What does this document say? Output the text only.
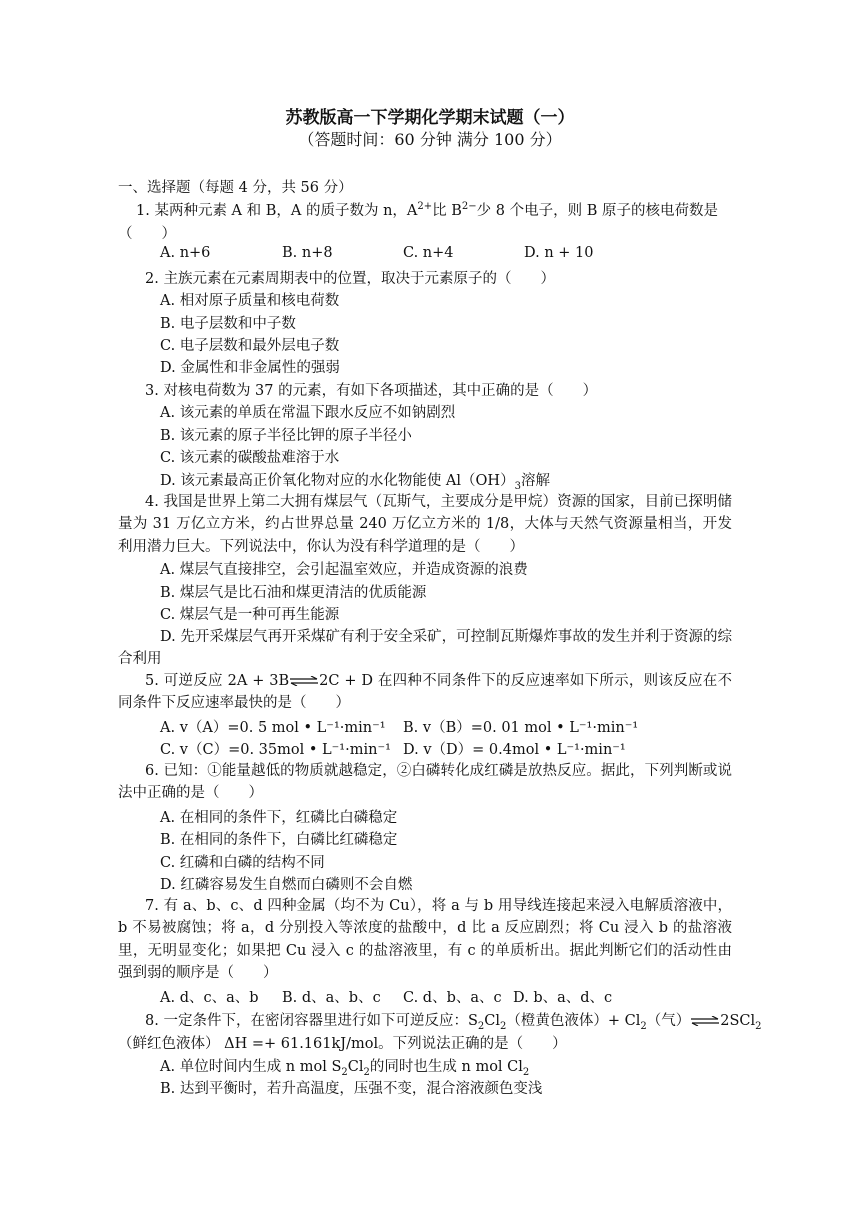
苏教版高一下学期化学期末试题（一）
（答题时间：60 分钟 满分 100 分）
一、选择题（每题 4 分，共 56 分）
1. 某两种元素 A 和 B，A 的质子数为 n，$A^{2+}$比 $B^{2-}$少 8 个电子，则 B 原子的核电荷数是
（　　）
A. n+6	B. n+8	C. n+4	D. n + 10
2. 主族元素在元素周期表中的位置，取决于元素原子的（　　）
A. 相对原子质量和核电荷数
B. 电子层数和中子数
C. 电子层数和最外层电子数
D. 金属性和非金属性的强弱
3. 对核电荷数为 37 的元素，有如下各项描述，其中正确的是（　　）
A. 该元素的单质在常温下跟水反应不如钠剧烈
B. 该元素的原子半径比钾的原子半径小
C. 该元素的碳酸盐难溶于水
D. 该元素最高正价氧化物对应的水化物能使 $Al(OH)_3$溶解
4. 我国是世界上第二大拥有煤层气（瓦斯气，主要成分是甲烷）资源的国家，目前已探明储量为 31 万亿立方米，约占世界总量 240 万亿立方米的 1/8，大体与天然气资源量相当，开发利用潜力巨大。下列说法中，你认为没有科学道理的是（　　）
A. 煤层气直接排空，会引起温室效应，并造成资源的浪费
B. 煤层气是比石油和煤更清洁的优质能源
C. 煤层气是一种可再生能源
D. 先开采煤层气再开采煤矿有利于安全采矿，可控制瓦斯爆炸事故的发生并利于资源的综合利用
5. 可逆反应 2A + 3B⇌2C + D 在四种不同条件下的反应速率如下所示，则该反应在不同条件下反应速率最快的是（　　）
A. v（A）=0. 5 mol • L⁻¹·min⁻¹ B. v（B）=0. 01 mol • L⁻¹·min⁻¹
C. v（C）=0. 35mol • L⁻¹·min⁻¹ D. v（D）= 0.4mol • L⁻¹·min⁻¹
6. 已知：①能量越低的物质就越稳定，②白磷转化成红磷是放热反应。据此，下列判断或说法中正确的是（　　）
A. 在相同的条件下，红磷比白磷稳定
B. 在相同的条件下，白磷比红磷稳定
C. 红磷和白磷的结构不同
D. 红磷容易发生自燃而白磷则不会自燃
7. 有 a、b、c、d 四种金属（均不为 Cu），将 a 与 b 用导线连接起来浸入电解质溶液中，b 不易被腐蚀；将 a，d 分别投入等浓度的盐酸中，d 比 a 反应剧烈；将 Cu 浸入 b 的盐溶液里，无明显变化；如果把 Cu 浸入 c 的盐溶液里，有 c 的单质析出。据此判断它们的活动性由强到弱的顺序是（　　）
A. d、c、a、b B. d、a、b、c C. d、b、a、c D. b、a、d、c
8. 一定条件下，在密闭容器里进行如下可逆反应：$S_2Cl_2$（橙黄色液体）+ $Cl_2$（气）⇌2SCl$_2$
（鲜红色液体） ΔH =+ 61.161kJ/mol。下列说法正确的是（　　）
A. 单位时间内生成 n mol $S_2Cl_2$的同时也生成 n mol $Cl_2$
B. 达到平衡时，若升高温度，压强不变，混合溶液颜色变浅
